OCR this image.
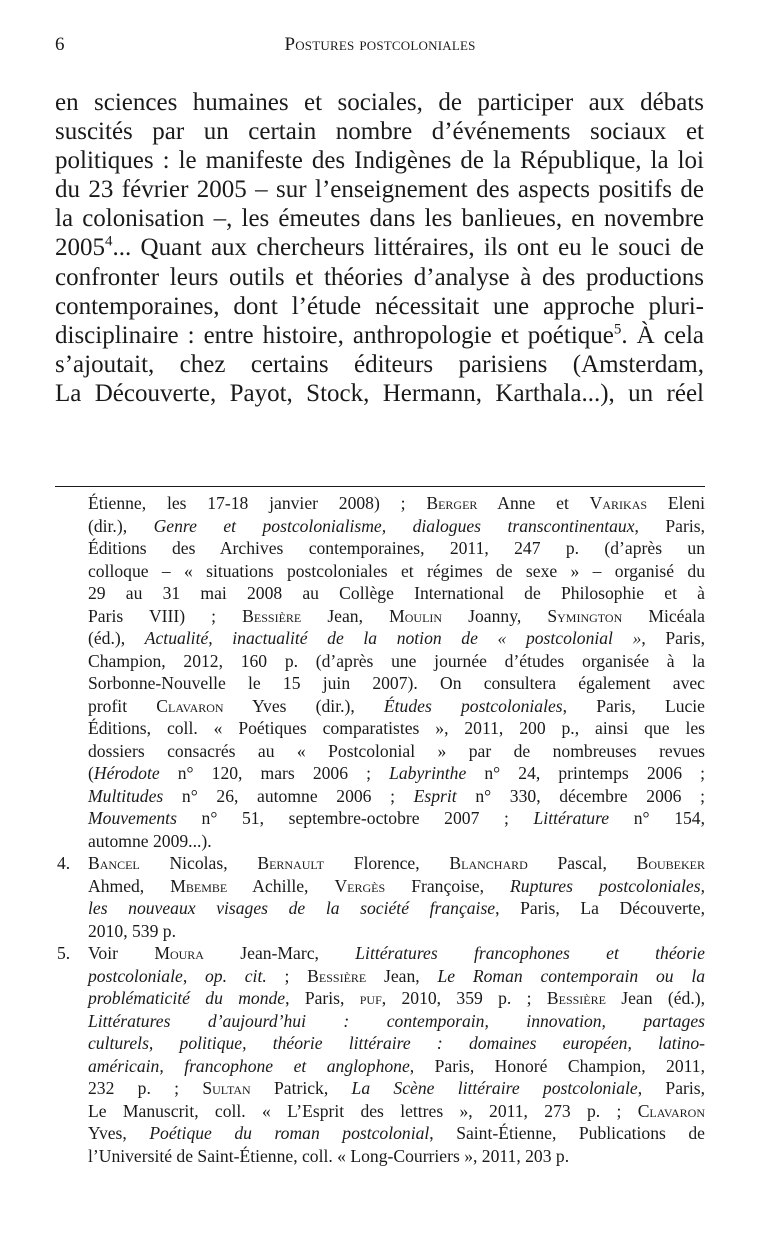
6	Postures postcoloniales
en sciences humaines et sociales, de participer aux débats
suscités par un certain nombre d’événements sociaux et
politiques : le manifeste des Indigènes de la République, la loi
du 23 février 2005 – sur l’enseignement des aspects positifs de
la colonisation –, les émeutes dans les banlieues, en novembre
2005$^4$... Quant aux chercheurs littéraires, ils ont eu le souci de
confronter leurs outils et théories d’analyse à des productions
contemporaines, dont l’étude nécessitait une approche pluri-
disciplinaire : entre histoire, anthropologie et poétique$^5$. À cela
s’ajoutait, chez certains éditeurs parisiens (Amsterdam,
La Découverte, Payot, Stock, Hermann, Karthala...), un réel
Étienne, les 17-18 janvier 2008) ; Berger Anne et Varikas Eleni
(dir.), Genre et postcolonialisme, dialogues transcontinentaux, Paris,
Éditions des Archives contemporaines, 2011, 247 p. (d’après un
colloque – « situations postcoloniales et régimes de sexe » – organisé du
29 au 31 mai 2008 au Collège International de Philosophie et à
Paris VIII) ; Bessière Jean, Moulin Joanny, Symington Micéala
(éd.), Actualité, inactualité de la notion de « postcolonial », Paris,
Champion, 2012, 160 p. (d’après une journée d’études organisée à la
Sorbonne-Nouvelle le 15 juin 2007). On consultera également avec
profit Clavaron Yves (dir.), Études postcoloniales, Paris, Lucie
Éditions, coll. « Poétiques comparatistes », 2011, 200 p., ainsi que les
dossiers consacrés au « Postcolonial » par de nombreuses revues
(Hérodote n° 120, mars 2006 ; Labyrinthe n° 24, printemps 2006 ;
Multitudes n° 26, automne 2006 ; Esprit n° 330, décembre 2006 ;
Mouvements n° 51, septembre-octobre 2007 ; Littérature n° 154,
automne 2009...).
4. Bancel Nicolas, Bernault Florence, Blanchard Pascal, Boubeker
Ahmed, Mbembe Achille, Vergès Françoise, Ruptures postcoloniales,
les nouveaux visages de la société française, Paris, La Découverte,
2010, 539 p.
5. Voir Moura Jean-Marc, Littératures francophones et théorie
postcoloniale, op. cit. ; Bessière Jean, Le Roman contemporain ou la
problématicité du monde, Paris, puf, 2010, 359 p. ; Bessière Jean (éd.),
Littératures d’aujourd’hui : contemporain, innovation, partages
culturels, politique, théorie littéraire : domaines européen, latino-
américain, francophone et anglophone, Paris, Honoré Champion, 2011,
232 p. ; Sultan Patrick, La Scène littéraire postcoloniale, Paris,
Le Manuscrit, coll. « L’Esprit des lettres », 2011, 273 p. ; Clavaron
Yves, Poétique du roman postcolonial, Saint-Étienne, Publications de
l’Université de Saint-Étienne, coll. « Long-Courriers », 2011, 203 p.
